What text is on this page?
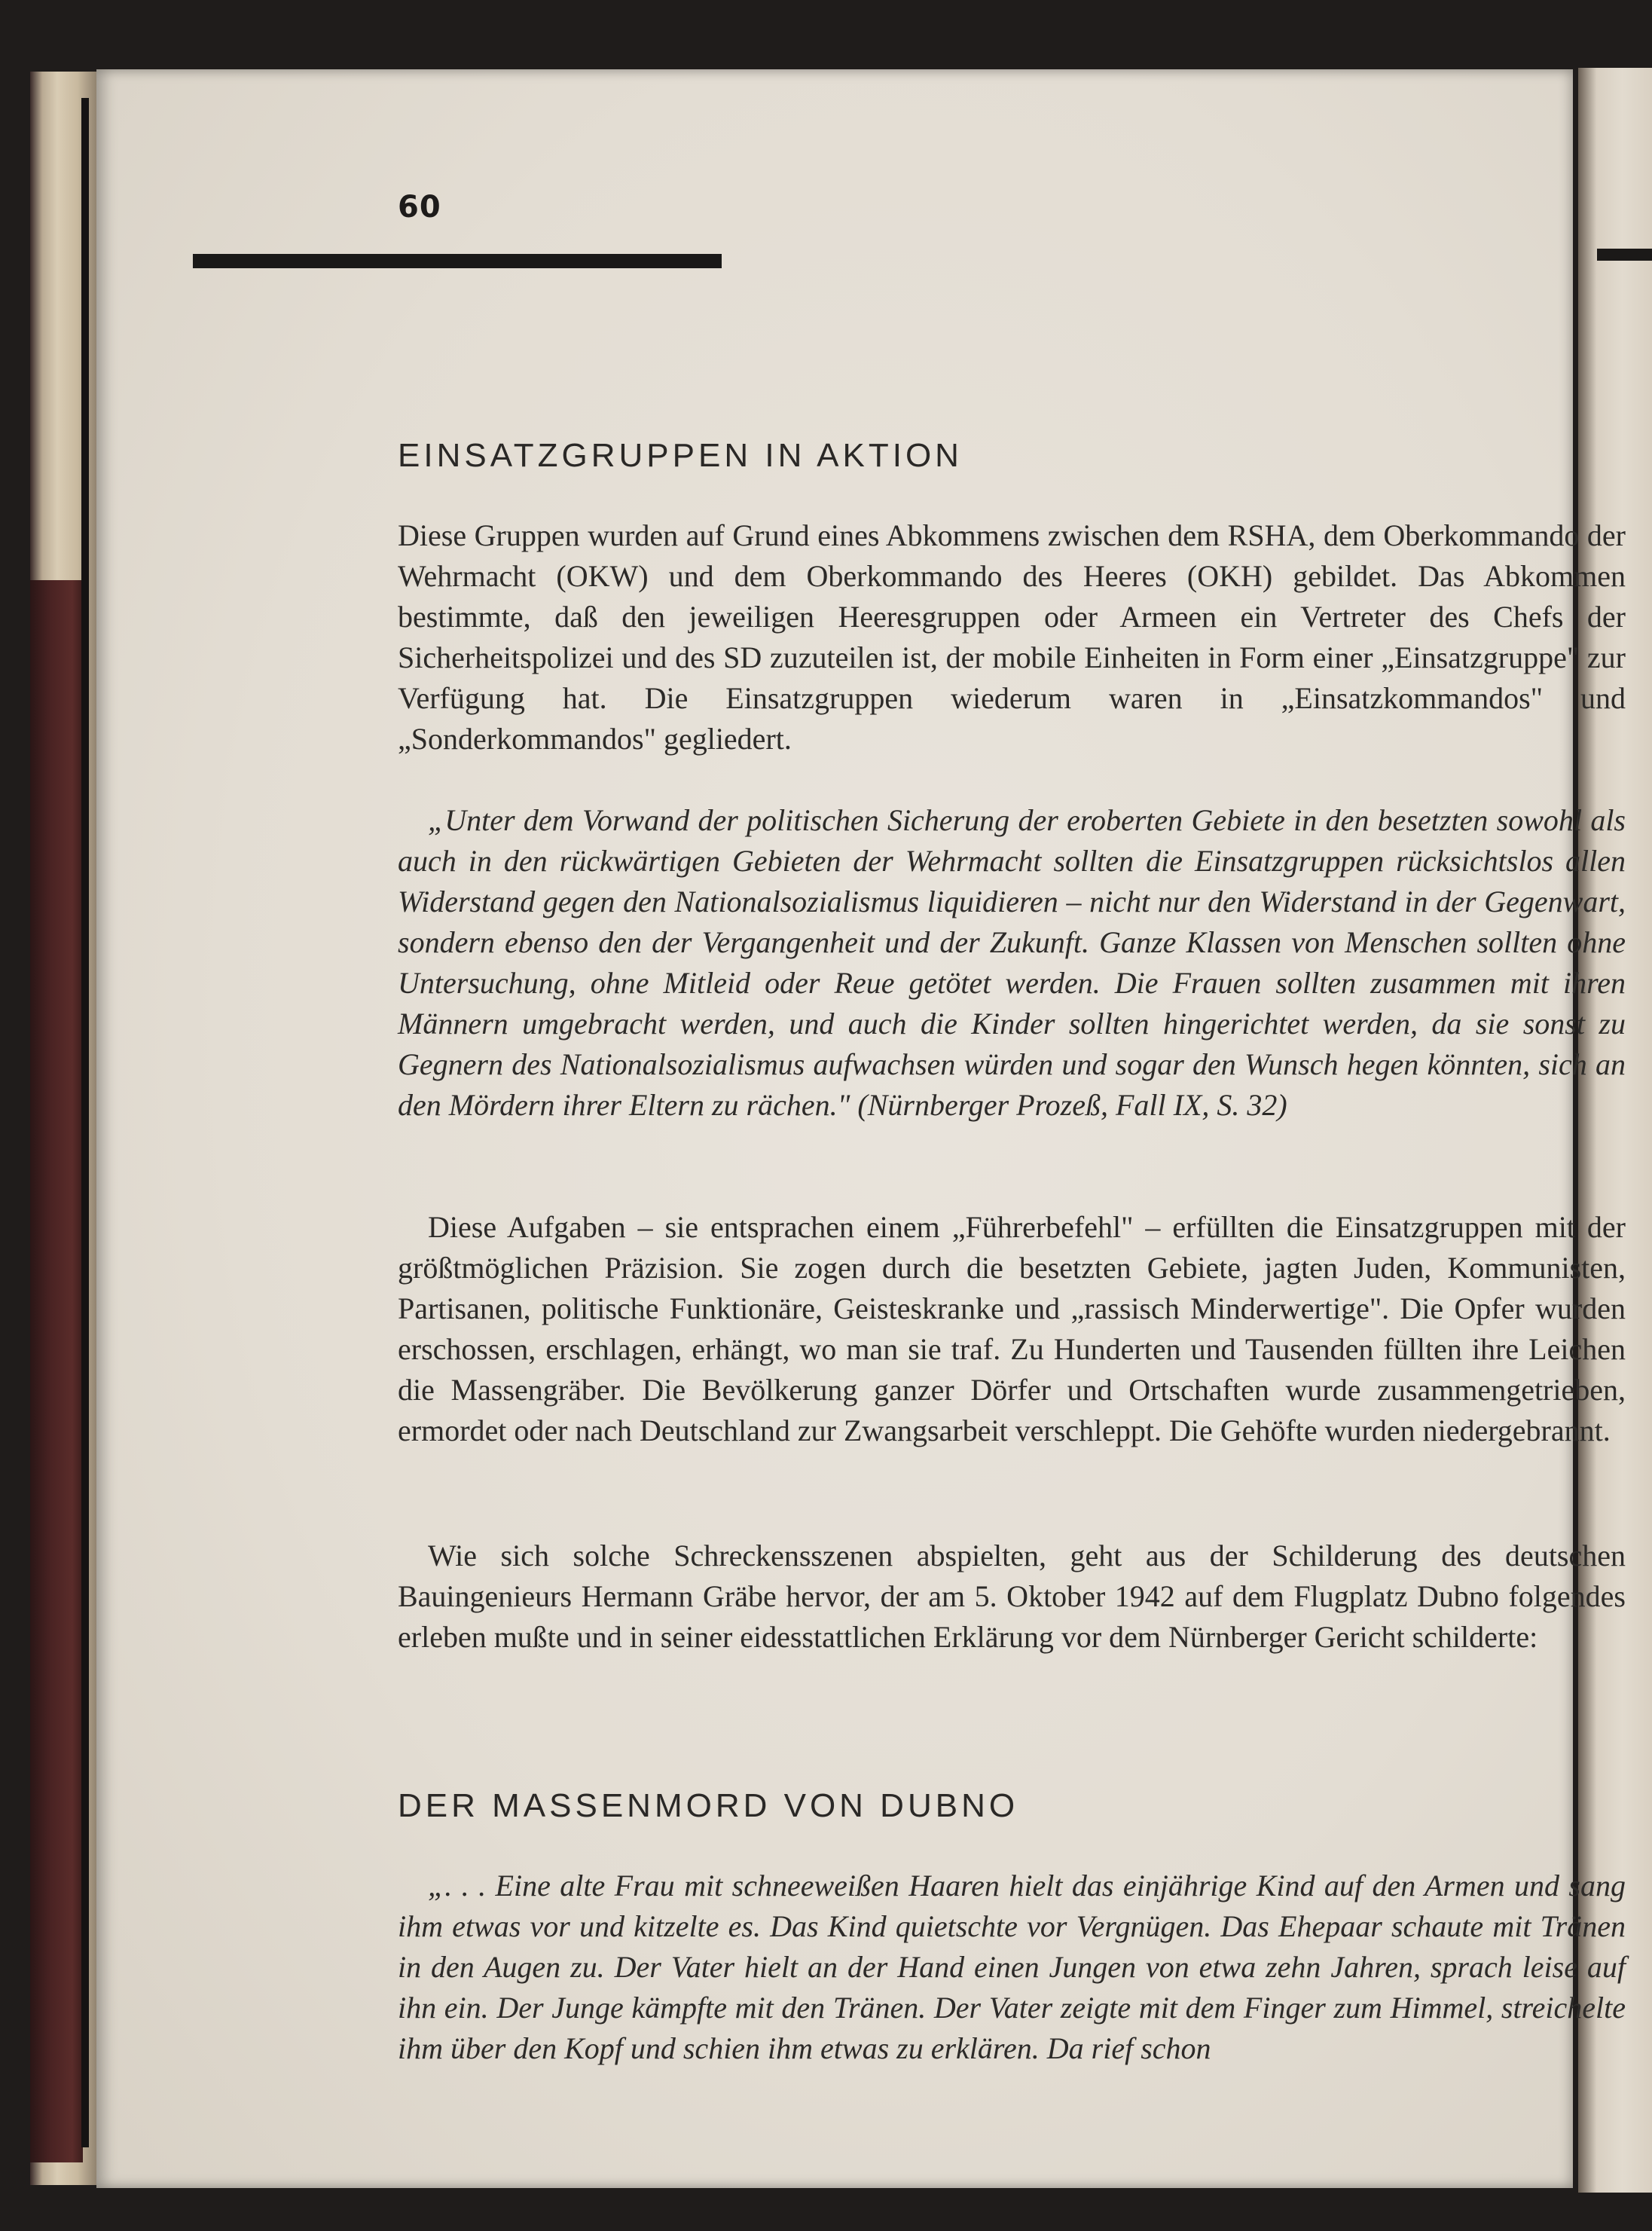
60
EINSATZGRUPPEN IN AKTION

Diese Gruppen wurden auf Grund eines Abkommens zwischen dem RSHA, dem Oberkommando der Wehrmacht (OKW) und dem Oberkommando des Heeres (OKH) gebildet. Das Abkommen bestimmte, daß den jeweiligen Heeresgruppen oder Armeen ein Vertreter des Chefs der Sicherheitspolizei und des SD zuzuteilen ist, der mobile Einheiten in Form einer „Einsatzgruppe" zur Verfügung hat. Die Einsatzgruppen wiederum waren in „Einsatzkommandos" und „Sonderkommandos" gegliedert.

„Unter dem Vorwand der politischen Sicherung der eroberten Gebiete in den besetzten sowohl als auch in den rückwärtigen Gebieten der Wehrmacht sollten die Einsatzgruppen rücksichtslos allen Widerstand gegen den Nationalsozialismus liquidieren – nicht nur den Widerstand in der Gegenwart, sondern ebenso den der Vergangenheit und der Zukunft. Ganze Klassen von Menschen sollten ohne Untersuchung, ohne Mitleid oder Reue getötet werden. Die Frauen sollten zusammen mit ihren Männern umgebracht werden, und auch die Kinder sollten hingerichtet werden, da sie sonst zu Gegnern des Nationalsozialismus aufwachsen würden und sogar den Wunsch hegen könnten, sich an den Mördern ihrer Eltern zu rächen." (Nürnberger Prozeß, Fall IX, S. 32)

Diese Aufgaben – sie entsprachen einem „Führerbefehl" – erfüllten die Einsatzgruppen mit der größtmöglichen Präzision. Sie zogen durch die besetzten Gebiete, jagten Juden, Kommunisten, Partisanen, politische Funktionäre, Geisteskranke und „rassisch Minderwertige". Die Opfer wurden erschossen, erschlagen, erhängt, wo man sie traf. Zu Hunderten und Tausenden füllten ihre Leichen die Massengräber. Die Bevölkerung ganzer Dörfer und Ortschaften wurde zusammengetrieben, ermordet oder nach Deutschland zur Zwangsarbeit verschleppt. Die Gehöfte wurden niedergebrannt.

Wie sich solche Schreckensszenen abspielten, geht aus der Schilderung des deutschen Bauingenieurs Hermann Gräbe hervor, der am 5. Oktober 1942 auf dem Flugplatz Dubno folgendes erleben mußte und in seiner eidesstattlichen Erklärung vor dem Nürnberger Gericht schilderte:

DER MASSENMORD VON DUBNO

„. . . Eine alte Frau mit schneeweißen Haaren hielt das einjährige Kind auf den Armen und sang ihm etwas vor und kitzelte es. Das Kind quietschte vor Vergnügen. Das Ehepaar schaute mit Tränen in den Augen zu. Der Vater hielt an der Hand einen Jungen von etwa zehn Jahren, sprach leise auf ihn ein. Der Junge kämpfte mit den Tränen. Der Vater zeigte mit dem Finger zum Himmel, streichelte ihm über den Kopf und schien ihm etwas zu erklären. Da rief schon
